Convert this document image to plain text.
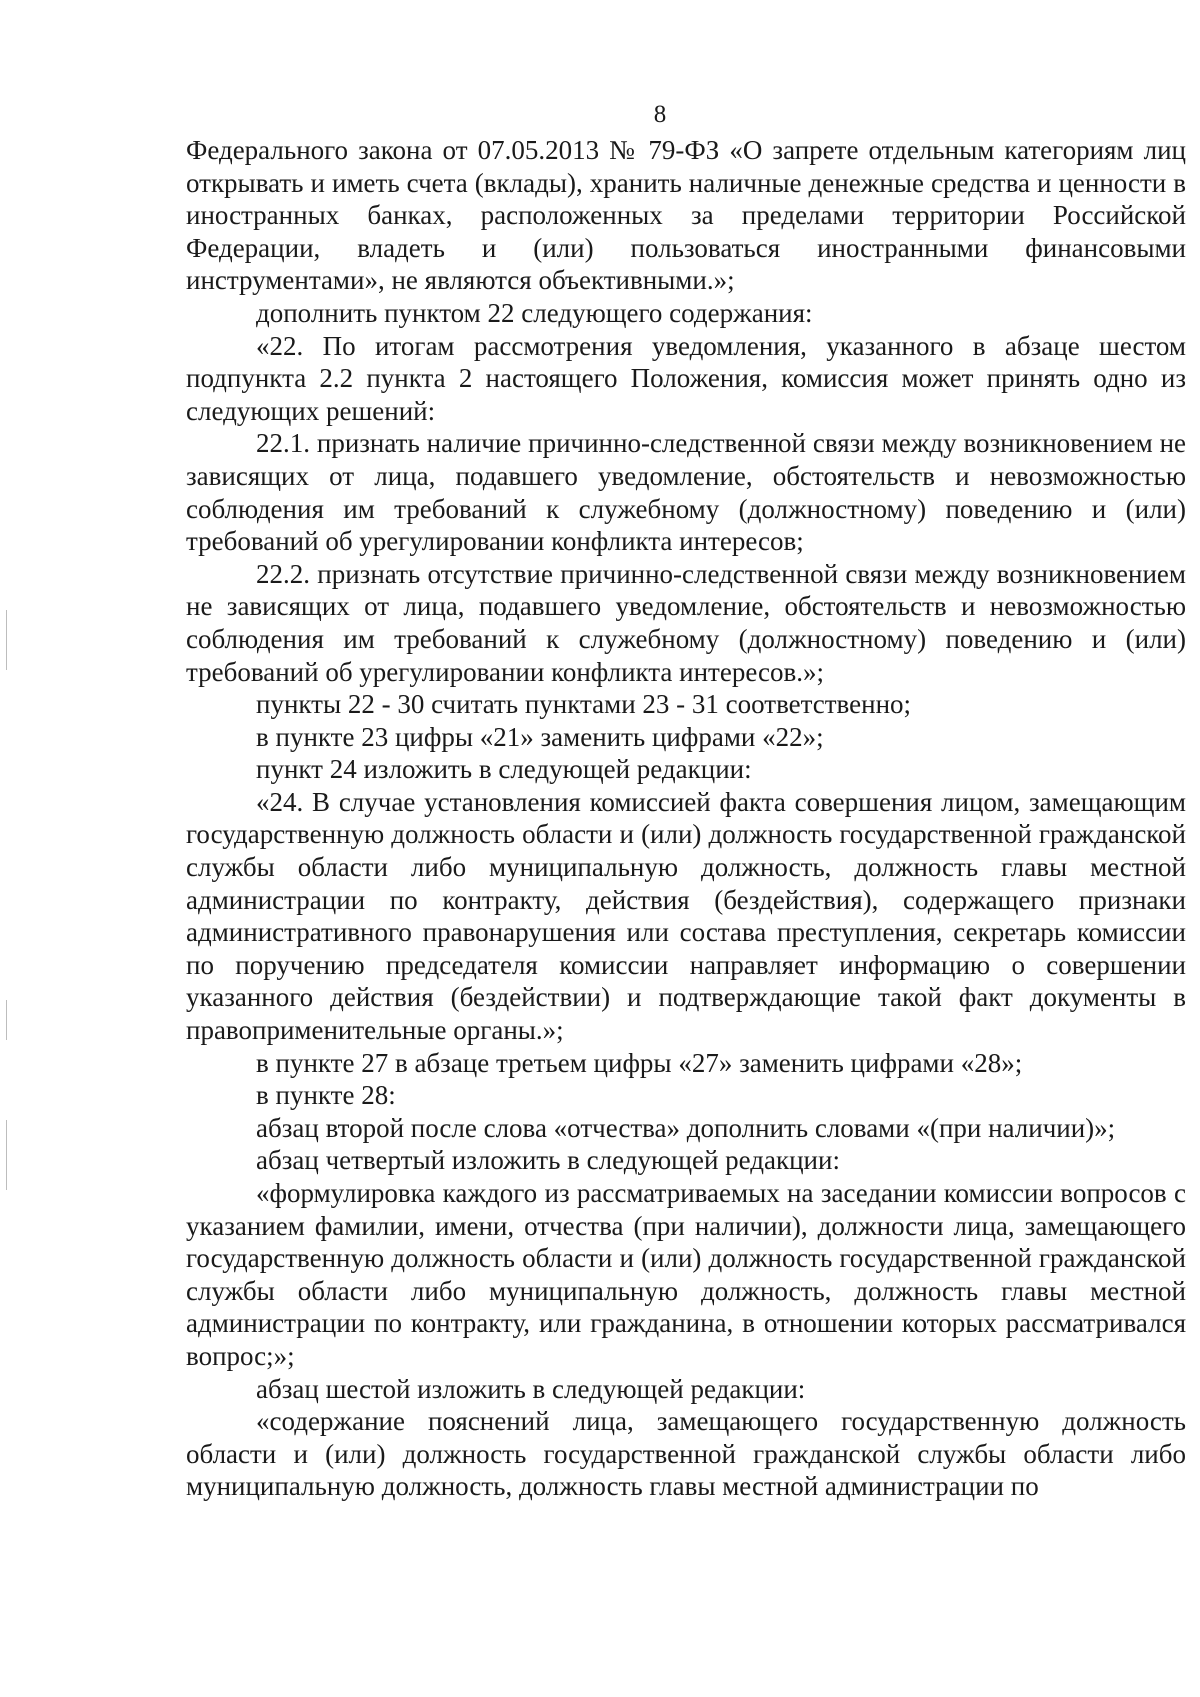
8

Федерального закона от 07.05.2013 № 79-ФЗ «О запрете отдельным категориям лиц открывать и иметь счета (вклады), хранить наличные денежные средства и ценности в иностранных банках, расположенных за пределами территории Российской Федерации, владеть и (или) пользоваться иностранными финансовыми инструментами», не являются объективными.»;

дополнить пунктом 22 следующего содержания:

«22. По итогам рассмотрения уведомления, указанного в абзаце шестом подпункта 2.2 пункта 2 настоящего Положения, комиссия может принять одно из следующих решений:

22.1. признать наличие причинно-следственной связи между возникновением не зависящих от лица, подавшего уведомление, обстоятельств и невозможностью соблюдения им требований к служебному (должностному) поведению и (или) требований об урегулировании конфликта интересов;

22.2. признать отсутствие причинно-следственной связи между возникновением не зависящих от лица, подавшего уведомление, обстоятельств и невозможностью соблюдения им требований к служебному (должностному) поведению и (или) требований об урегулировании конфликта интересов.»;

пункты 22 - 30 считать пунктами 23 - 31 соответственно;

в пункте 23 цифры «21» заменить цифрами «22»;

пункт 24 изложить в следующей редакции:

«24. В случае установления комиссией факта совершения лицом, замещающим государственную должность области и (или) должность государственной гражданской службы области либо муниципальную должность, должность главы местной администрации по контракту, действия (бездействия), содержащего признаки административного правонарушения или состава преступления, секретарь комиссии по поручению председателя комиссии направляет информацию о совершении указанного действия (бездействии) и подтверждающие такой факт документы в правоприменительные органы.»;

в пункте 27 в абзаце третьем цифры «27» заменить цифрами «28»;

в пункте 28:

абзац второй после слова «отчества» дополнить словами «(при наличии)»;

абзац четвертый изложить в следующей редакции:

«формулировка каждого из рассматриваемых на заседании комиссии вопросов с указанием фамилии, имени, отчества (при наличии), должности лица, замещающего государственную должность области и (или) должность государственной гражданской службы области либо муниципальную должность, должность главы местной администрации по контракту, или гражданина, в отношении которых рассматривался вопрос;»;

абзац шестой изложить в следующей редакции:

«содержание пояснений лица, замещающего государственную должность области и (или) должность государственной гражданской службы области либо муниципальную должность, должность главы местной администрации по
